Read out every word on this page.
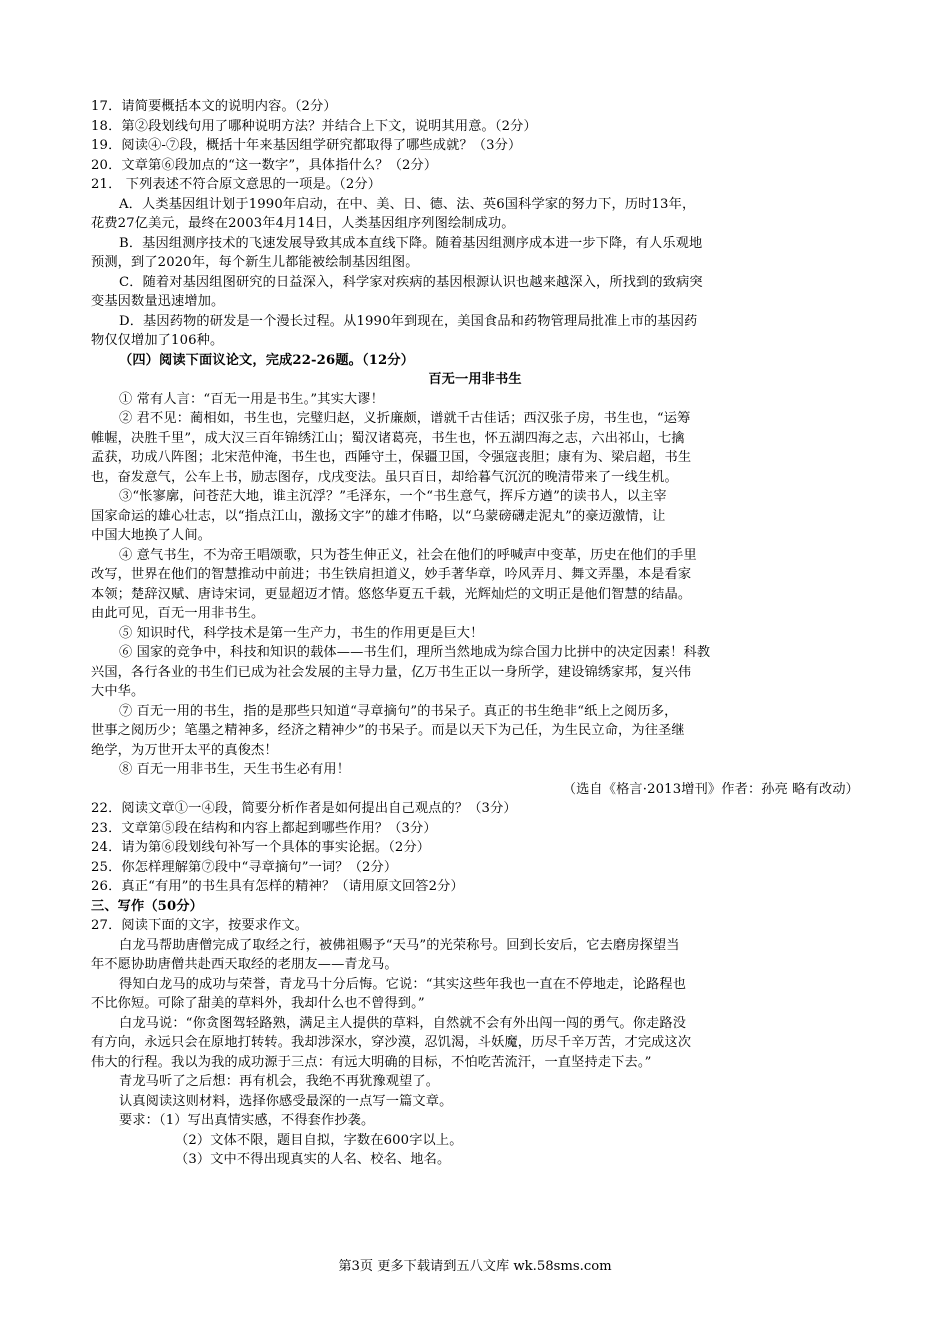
17．请简要概括本文的说明内容。（2分）
18．第②段划线句用了哪种说明方法？并结合上下文，说明其用意。（2分）
19．阅读④-⑦段，概括十年来基因组学研究都取得了哪些成就？（3分）
20．文章第⑥段加点的“这一数字”，具体指什么？（2分）
21． 下列表述不符合原文意思的一项是。（2分）
A．人类基因组计划于1990年启动，在中、美、日、德、法、英6国科学家的努力下，历时13年，
花费27亿美元，最终在2003年4月14日，人类基因组序列图绘制成功。
B．基因组测序技术的飞速发展导致其成本直线下降。随着基因组测序成本进一步下降，有人乐观地
预测，到了2020年，每个新生儿都能被绘制基因组图。
C．随着对基因组图研究的日益深入，科学家对疾病的基因根源认识也越来越深入，所找到的致病突
变基因数量迅速增加。
D．基因药物的研发是一个漫长过程。从1990年到现在，美国食品和药物管理局批准上市的基因药
物仅仅增加了106种。
（四）阅读下面议论文，完成22-26题。（12分）
百无一用非书生
① 常有人言：“百无一用是书生。”其实大谬！
② 君不见：蔺相如，书生也，完璧归赵，义折廉颇，谱就千古佳话；西汉张子房，书生也，“运筹
帷幄，决胜千里”，成大汉三百年锦绣江山；蜀汉诸葛亮，书生也，怀五湖四海之志，六出祁山，七擒
孟获，功成八阵图；北宋范仲淹，书生也，西陲守土，保疆卫国，令强寇丧胆；康有为、梁启超，书生
也，奋发意气，公车上书，励志图存，戊戌变法。虽只百日，却给暮气沉沉的晚清带来了一线生机。
③“怅寥廓，问苍茫大地，谁主沉浮？”毛泽东，一个“书生意气，挥斥方遒”的读书人，以主宰
国家命运的雄心壮志，以“指点江山，激扬文字”的雄才伟略，以“乌蒙磅礴走泥丸”的豪迈激情，让
中国大地换了人间。
④ 意气书生，不为帝王唱颂歌，只为苍生伸正义，社会在他们的呼喊声中变革，历史在他们的手里
改写，世界在他们的智慧推动中前进；书生铁肩担道义，妙手著华章，吟风弄月、舞文弄墨，本是看家
本领；楚辞汉赋、唐诗宋词，更显超迈才情。悠悠华夏五千载，光辉灿烂的文明正是他们智慧的结晶。
由此可见，百无一用非书生。
⑤ 知识时代，科学技术是第一生产力，书生的作用更是巨大！
⑥ 国家的竞争中，科技和知识的载体——书生们，理所当然地成为综合国力比拼中的决定因素！科教
兴国，各行各业的书生们已成为社会发展的主导力量，亿万书生正以一身所学，建设锦绣家邦，复兴伟
大中华。
⑦ 百无一用的书生，指的是那些只知道“寻章摘句”的书呆子。真正的书生绝非“纸上之阅历多，
世事之阅历少；笔墨之精神多，经济之精神少”的书呆子。而是以天下为己任，为生民立命，为往圣继
绝学，为万世开太平的真俊杰！
⑧ 百无一用非书生，天生书生必有用！
（选自《格言·2013增刊》作者：孙亮 略有改动）
22．阅读文章①一④段，简要分析作者是如何提出自己观点的？（3分）
23．文章第⑤段在结构和内容上都起到哪些作用？（3分）
24．请为第⑥段划线句补写一个具体的事实论据。（2分）
25．你怎样理解第⑦段中“寻章摘句”一词？（2分）
26．真正“有用”的书生具有怎样的精神？（请用原文回答2分）
三、写作（50分）
27．阅读下面的文字，按要求作文。
白龙马帮助唐僧完成了取经之行，被佛祖赐予“天马”的光荣称号。回到长安后，它去磨房探望当
年不愿协助唐僧共赴西天取经的老朋友——青龙马。
得知白龙马的成功与荣誉，青龙马十分后悔。它说：“其实这些年我也一直在不停地走，论路程也
不比你短。可除了甜美的草料外，我却什么也不曾得到。”
白龙马说：“你贪图驾轻路熟，满足主人提供的草料，自然就不会有外出闯一闯的勇气。你走路没
有方向，永远只会在原地打转转。我却涉深水，穿沙漠，忍饥渴，斗妖魔，历尽千辛万苦，才完成这次
伟大的行程。我以为我的成功源于三点：有远大明确的目标，不怕吃苦流汗，一直坚持走下去。”
青龙马听了之后想：再有机会，我绝不再犹豫观望了。
认真阅读这则材料，选择你感受最深的一点写一篇文章。
要求：（1）写出真情实感，不得套作抄袭。
（2）文体不限，题目自拟，字数在600字以上。
（3）文中不得出现真实的人名、校名、地名。
第3页 更多下载请到五八文库 wk.58sms.com
